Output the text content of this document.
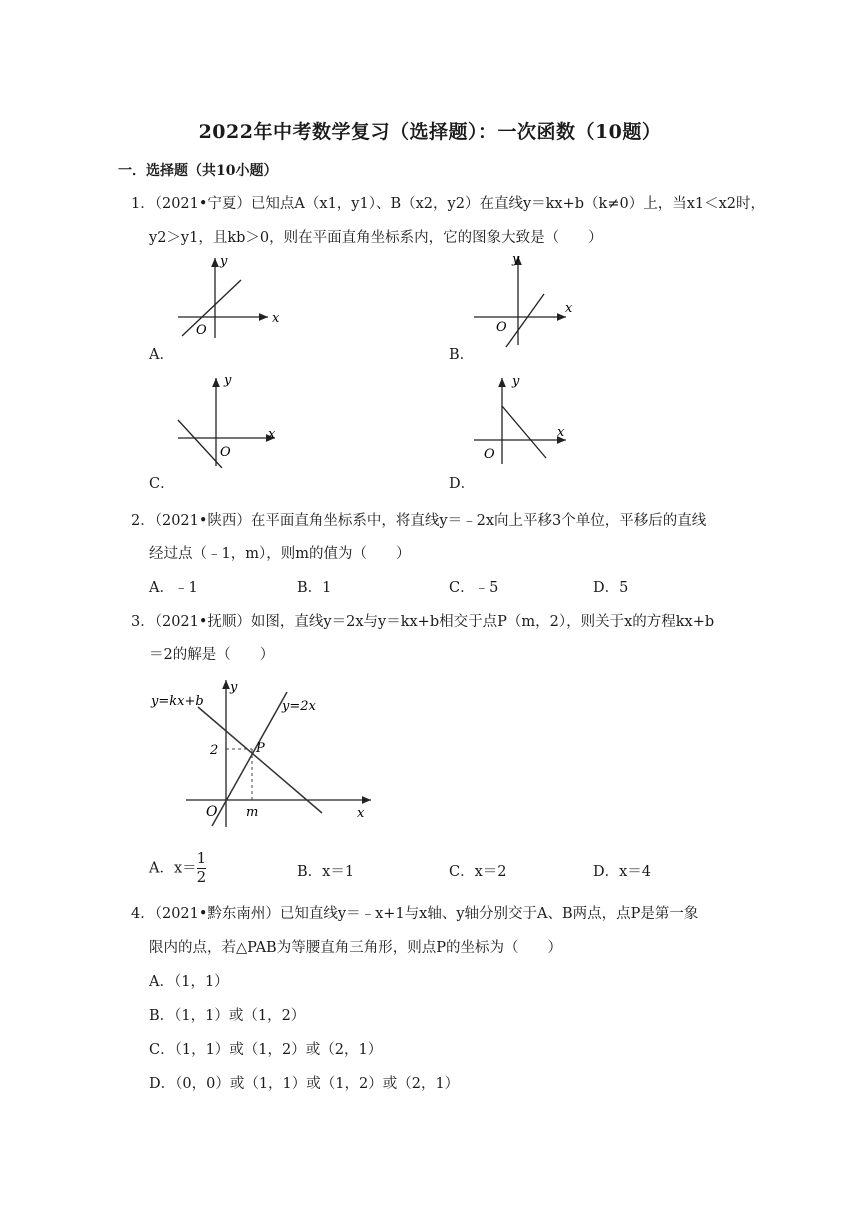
2022年中考数学复习（选择题）：一次函数（10题）
一．选择题（共10小题）
1．（2021•宁夏）已知点A（x1，y1）、B（x2，y2）在直线y＝kx+b（k≠0）上，当x1＜x2时，
y2＞y1，且kb＞0，则在平面直角坐标系内，它的图象大致是（　　）
x
y
O
A．
x
y
O
B．
x
y
O
C．
x
y
O
D．
2．（2021•陕西）在平面直角坐标系中，将直线y＝﹣2x向上平移3个单位，平移后的直线
经过点（﹣1，m），则m的值为（　　）
A．﹣1	B．1	C．﹣5	D．5
3．（2021•抚顺）如图，直线y＝2x与y＝kx+b相交于点P（m，2），则关于x的方程kx+b
＝2的解是（　　）
y=kx+b	y=2x
2
m
P
O	x
y
A．$x=\frac{1}{2}$	B．x＝1	C．x＝2	D．x＝4
4．（2021•黔东南州）已知直线y＝﹣x+1与x轴、y轴分别交于A、B两点，点P是第一象
限内的点，若△PAB为等腰直角三角形，则点P的坐标为（　　）
A．（1，1）
B．（1，1）或（1，2）
C．（1，1）或（1，2）或（2，1）
D．（0，0）或（1，1）或（1，2）或（2，1）
